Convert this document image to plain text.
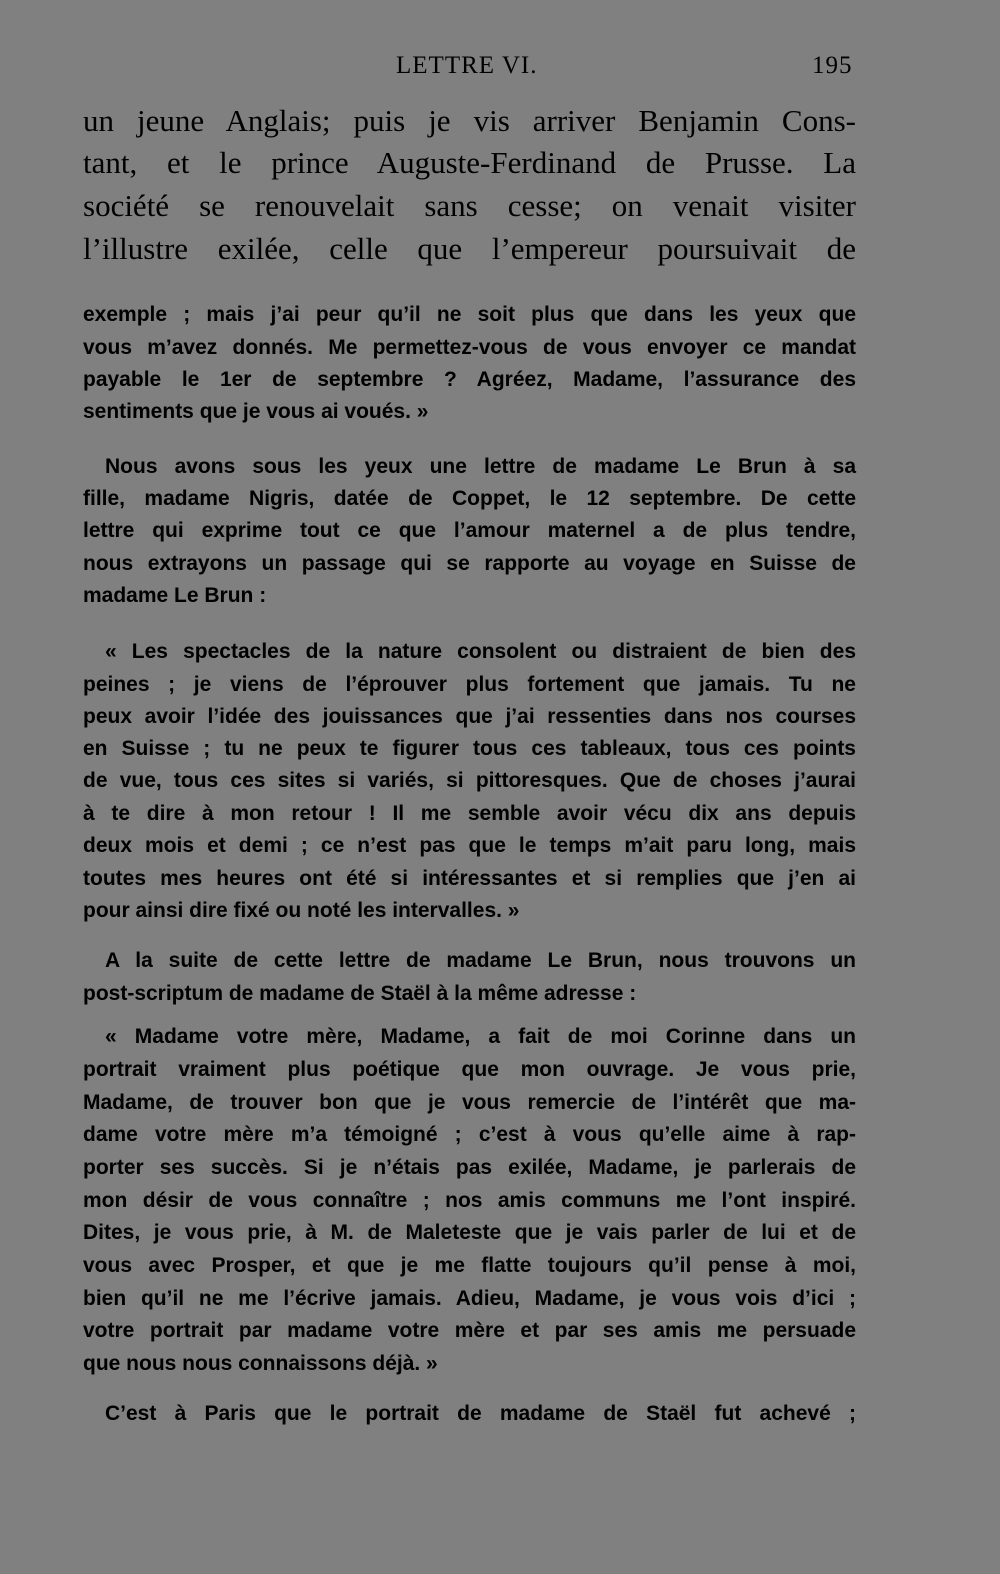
LETTRE VI.	195
un jeune Anglais; puis je vis arriver Benjamin Cons-
tant, et le prince Auguste-Ferdinand de Prusse. La
société se renouvelait sans cesse; on venait visiter
l’illustre exilée, celle que l’empereur poursuivait de
exemple ; mais j’ai peur qu’il ne soit plus que dans les yeux que
vous m’avez donnés. Me permettez-vous de vous envoyer ce mandat
payable le 1er de septembre ? Agréez, Madame, l’assurance des
sentiments que je vous ai voués. »
Nous avons sous les yeux une lettre de madame Le Brun à sa
fille, madame Nigris, datée de Coppet, le 12 septembre. De cette
lettre qui exprime tout ce que l’amour maternel a de plus tendre,
nous extrayons un passage qui se rapporte au voyage en Suisse de
madame Le Brun :
« Les spectacles de la nature consolent ou distraient de bien des
peines ; je viens de l’éprouver plus fortement que jamais. Tu ne
peux avoir l’idée des jouissances que j’ai ressenties dans nos courses
en Suisse ; tu ne peux te figurer tous ces tableaux, tous ces points
de vue, tous ces sites si variés, si pittoresques. Que de choses j’aurai
à te dire à mon retour ! Il me semble avoir vécu dix ans depuis
deux mois et demi ; ce n’est pas que le temps m’ait paru long, mais
toutes mes heures ont été si intéressantes et si remplies que j’en ai
pour ainsi dire fixé ou noté les intervalles. »
A la suite de cette lettre de madame Le Brun, nous trouvons un
post-scriptum de madame de Staël à la même adresse :
« Madame votre mère, Madame, a fait de moi Corinne dans un
portrait vraiment plus poétique que mon ouvrage. Je vous prie,
Madame, de trouver bon que je vous remercie de l’intérêt que ma-
dame votre mère m’a témoigné ; c’est à vous qu’elle aime à rap-
porter ses succès. Si je n’étais pas exilée, Madame, je parlerais de
mon désir de vous connaître ; nos amis communs me l’ont inspiré.
Dites, je vous prie, à M. de Maleteste que je vais parler de lui et de
vous avec Prosper, et que je me flatte toujours qu’il pense à moi,
bien qu’il ne me l’écrive jamais. Adieu, Madame, je vous vois d’ici ;
votre portrait par madame votre mère et par ses amis me persuade
que nous nous connaissons déjà. »
C’est à Paris que le portrait de madame de Staël fut achevé ;
